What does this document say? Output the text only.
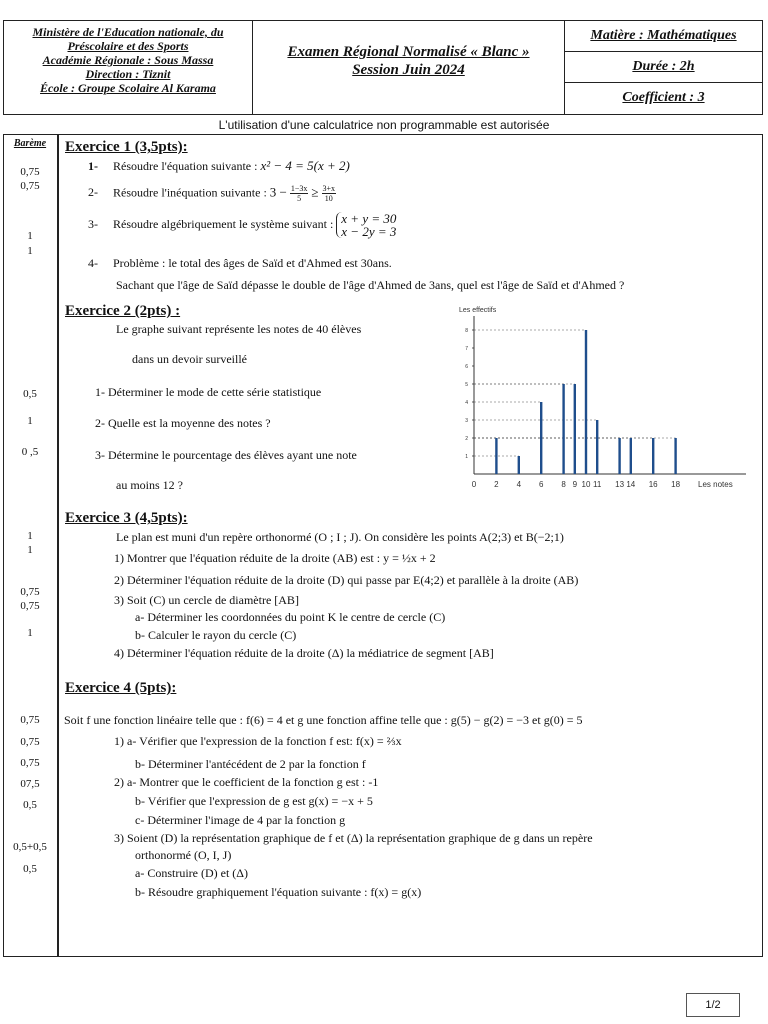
Ministère de l'Education nationale, du
Préscolaire et des Sports
Académie Régionale : Sous Massa
Direction : Tiznit
École : Groupe Scolaire Al Karama
Examen Régional Normalisé « Blanc »
Session Juin 2024
Matière : Mathématiques
Durée : 2h
Coefficient : 3
L'utilisation d'une calculatrice non programmable est autorisée
Barème
0,75
0,75
1
1
0,5
1
0 ,5
1
1
0,75
0,75
1
0,75
0,75
0,75
07,5
0,5
0,5+0,5
0,5
Exercice 1 (3,5pts):
1- Résoudre l'équation suivante : x² − 4 = 5(x + 2)
2- Résoudre l'inéquation suivante : $3 - \frac{1-3x}{5} \ge \frac{3+x}{10}$
3- Résoudre algébriquement le système suivant : x + y = 30
x − 2y = 3
4- Problème : le total des âges de Saïd et d'Ahmed est 30ans.
Sachant que l'âge de Saïd dépasse le double de l'âge d'Ahmed de 3ans, quel est l'âge de Saïd et d'Ahmed ?
Exercice 2 (2pts) :
Le graphe suivant représente les notes de 40 élèves
dans un devoir surveillé
1- Déterminer le mode de cette série statistique
2- Quelle est la moyenne des notes ?
3- Détermine le pourcentage des élèves ayant une note
au moins 12 ?
1
2
3
4
5
6
7
8
0 2 4 6 8 9 10 11 13 14 16 18
Les effectifs
Les notes
Exercice 3 (4,5pts):
Le plan est muni d'un repère orthonormé (O ; I ; J). On considère les points A(2;3) et B(−2;1)
1) Montrer que l'équation réduite de la droite (AB) est : y = ½x + 2
2) Déterminer l'équation réduite de la droite (D) qui passe par E(4;2) et parallèle à la droite (AB)
3) Soit (C) un cercle de diamètre [AB]
a- Déterminer les coordonnées du point K le centre de cercle (C)
b- Calculer le rayon du cercle (C)
4) Déterminer l'équation réduite de la droite (Δ) la médiatrice de segment [AB]
Exercice 4 (5pts):
Soit f une fonction linéaire telle que : f(6) = 4 et g une fonction affine telle que : g(5) − g(2) = −3 et g(0) = 5
1) a- Vérifier que l'expression de la fonction f est: f(x) = ⅔x
b- Déterminer l'antécédent de 2 par la fonction f
2) a- Montrer que le coefficient de la fonction g est : -1
b- Vérifier que l'expression de g est g(x) = −x + 5
c- Déterminer l'image de 4 par la fonction g
3) Soient (D) la représentation graphique de f et (Δ) la représentation graphique de g dans un repère
orthonormé (O, I, J)
a- Construire (D) et (Δ)
b- Résoudre graphiquement l'équation suivante : f(x) = g(x)
1/2
